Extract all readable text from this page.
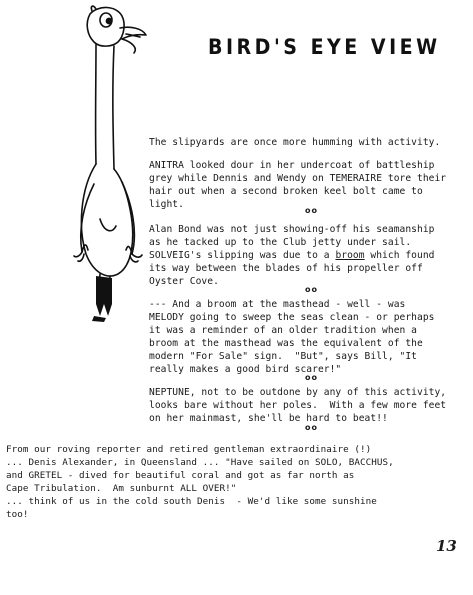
BIRD'S EYE VIEW
The slipyards are once more humming with activity.
ANITRA looked dour in her undercoat of battleship
grey while Dennis and Wendy on TEMERAIRE tore their
hair out when a second broken keel bolt came to
light.
oo
Alan Bond was not just showing-off his seamanship
as he tacked up to the Club jetty under sail.
SOLVEIG's slipping was due to a broom which found
its way between the blades of his propeller off
Oyster Cove.
oo
--- And a broom at the masthead - well - was
MELODY going to sweep the seas clean - or perhaps
it was a reminder of an older tradition when a
broom at the masthead was the equivalent of the
modern "For Sale" sign.  "But", says Bill, "It
really makes a good bird scarer!"
oo
NEPTUNE, not to be outdone by any of this activity,
looks bare without her poles.  With a few more feet
on her mainmast, she'll be hard to beat!!
oo
From our roving reporter and retired gentleman extraordinaire (!)
... Denis Alexander, in Queensland ... "Have sailed on SOLO, BACCHUS,
and GRETEL - dived for beautiful coral and got as far north as
Cape Tribulation.  Am sunburnt ALL OVER!"
... think of us in the cold south Denis  - We'd like some sunshine
too!
13
